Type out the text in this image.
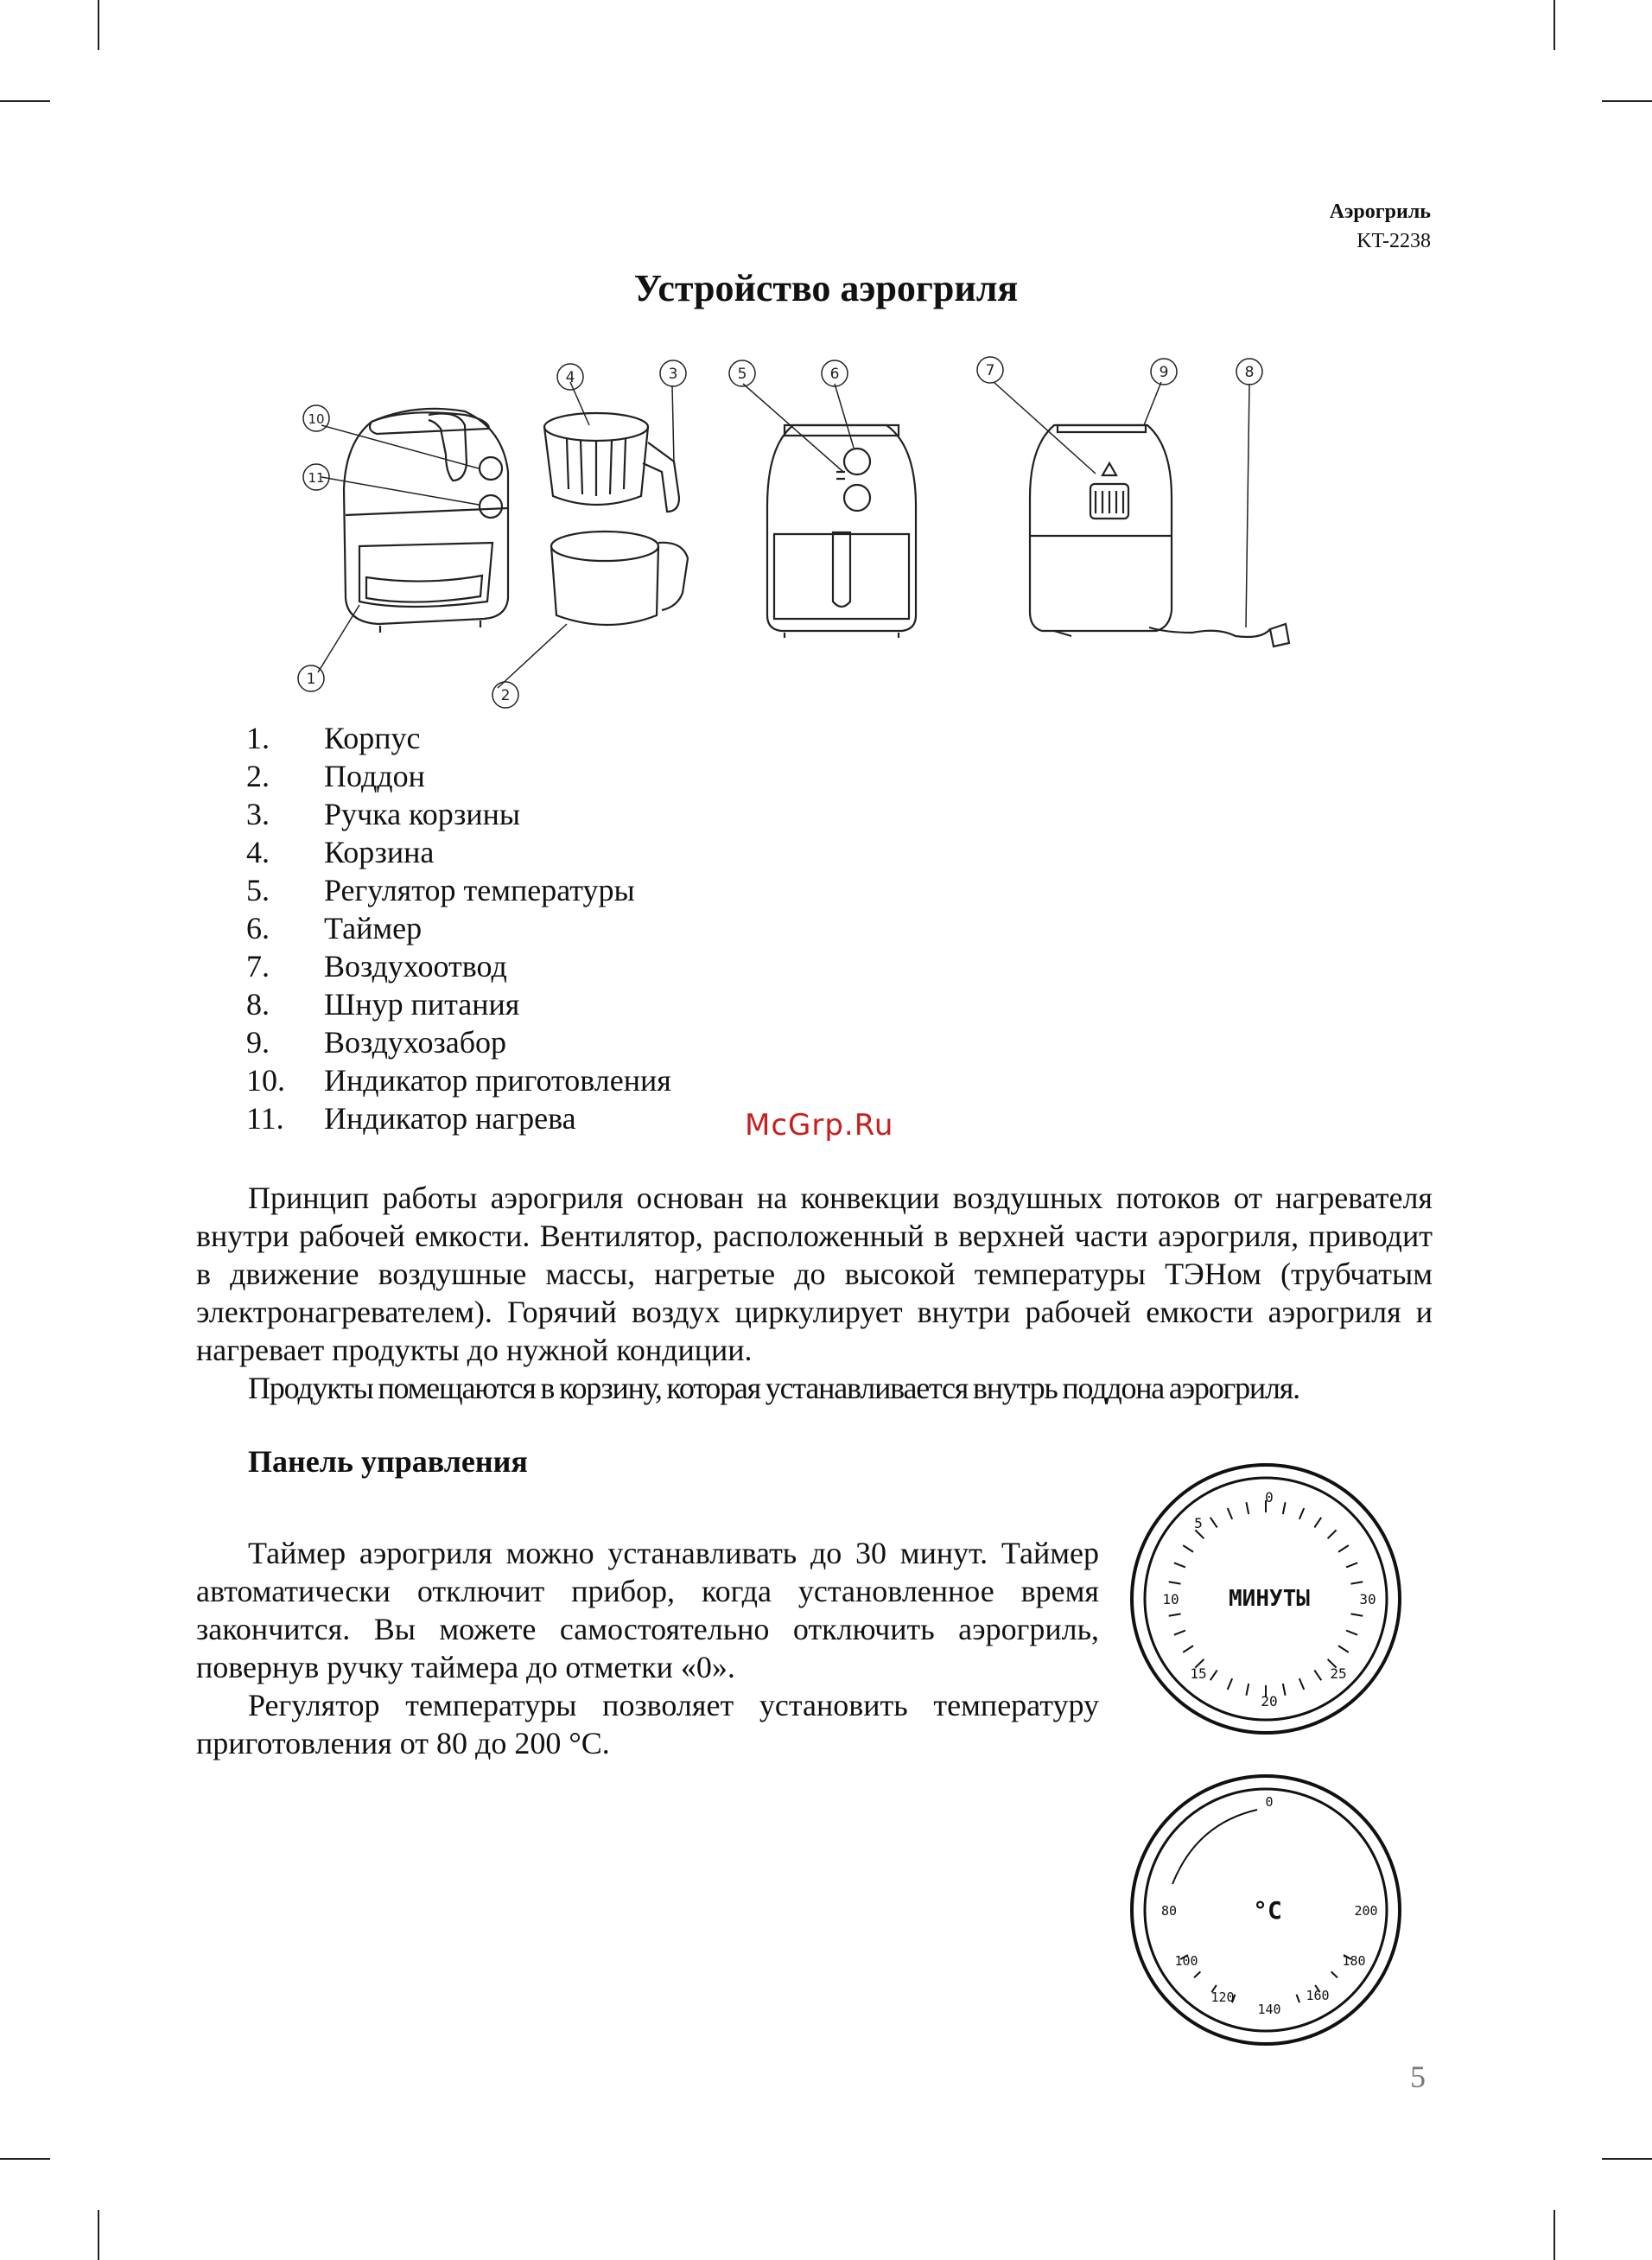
Аэрогриль
KT-2238
Устройство аэрогриля
1
2
3
4	5	6	7	8
9
10
11
1.	Корпус
2.	Поддон
3.	Ручка корзины
4.	Корзина
5.	Регулятор температуры
6.	Таймер
7.	Воздухоотвод
8.	Шнур питания
9.	Воздухозабор
10.	Индикатор приготовления
11.	Индикатор нагрева	McGrp.Ru

Принцип работы аэрогриля основан на конвекции воздушных потоков от нагревателя внутри рабочей емкости. Вентилятор, расположенный в верхней части аэрогриля, приводит в движение воздушные массы, нагретые до высокой температуры ТЭНом (трубчатым электронагревателем). Горячий воздух циркулирует внутри рабочей емкости аэрогриля и нагревает продукты до нужной кондиции.

Продукты помещаются в корзину, которая устанавливается внутрь поддона аэрогриля.

Панель управления

Таймер аэрогриля можно устанавливать до 30 минут. Таймер автоматически отключит прибор, когда установленное время закончится. Вы можете самостоятельно отключить аэрогриль, повернув ручку таймера до отметки «0».

Регулятор температуры позволяет установить температуру приготовления от 80 до 200 °C.

МИНУТЫ
0
5
10
15
20
25
30
°C
0
80
100
120
140
160
180
200
5
